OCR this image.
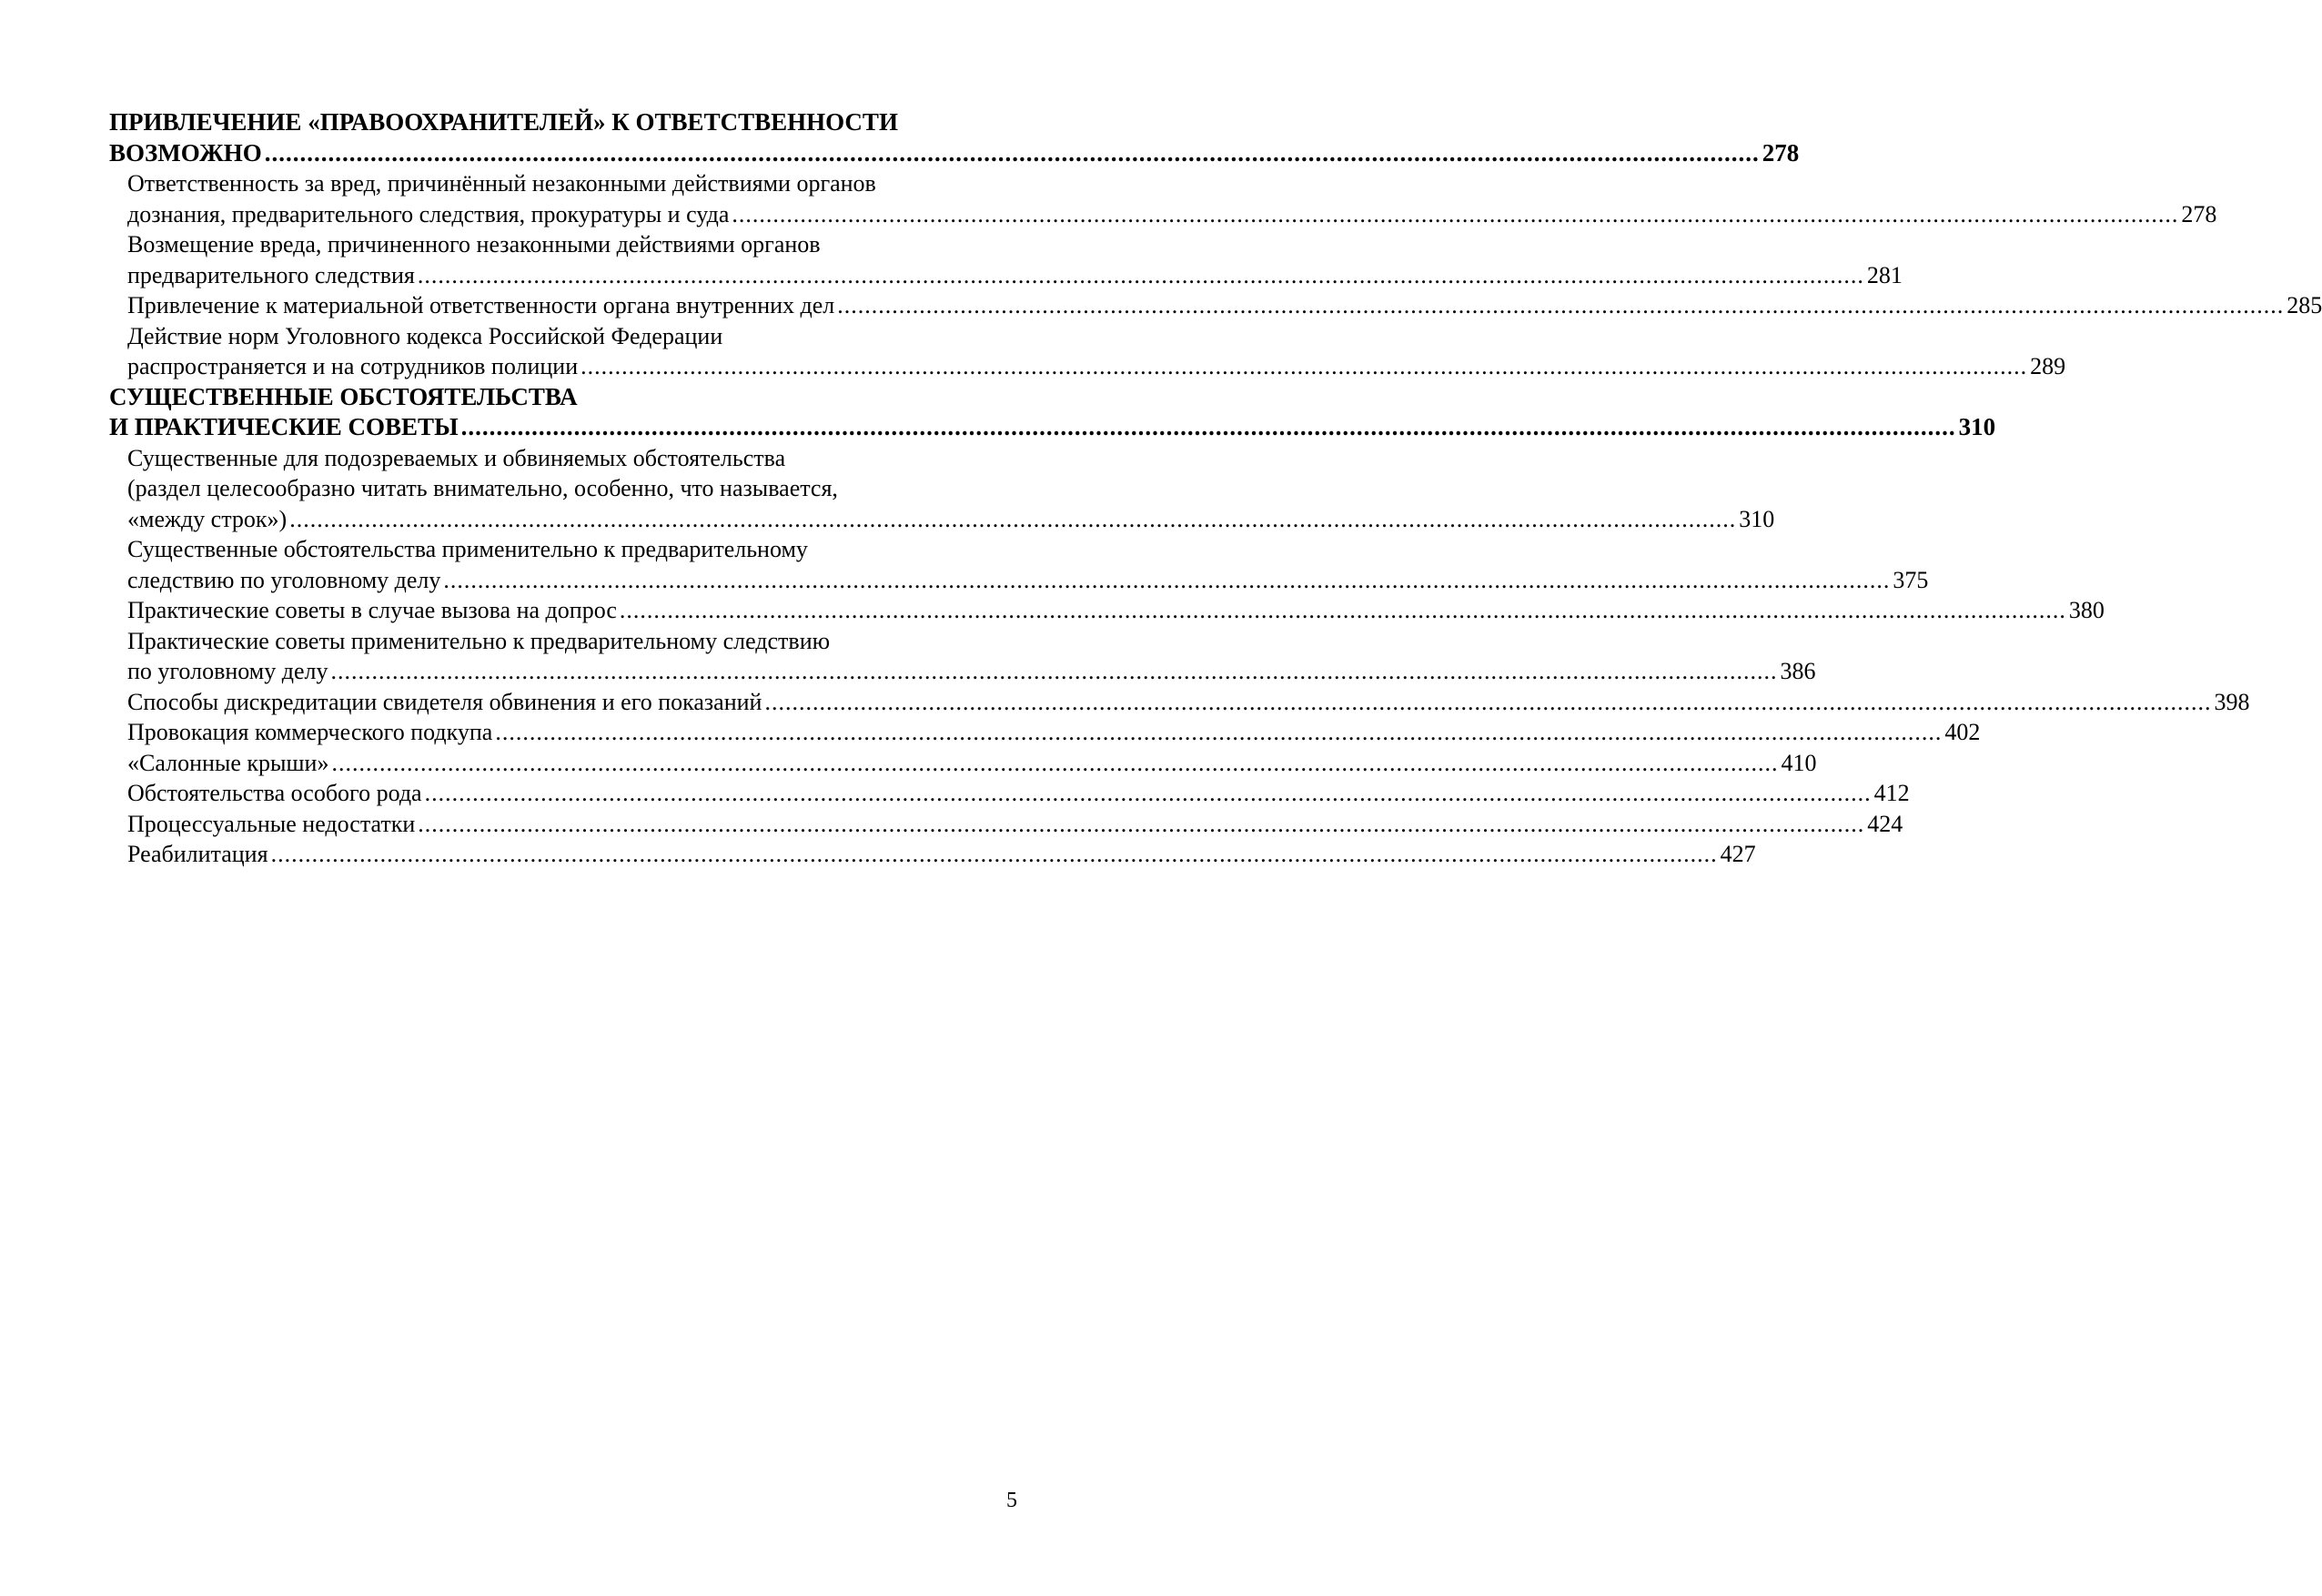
ПРИВЛЕЧЕНИЕ «ПРАВООХРАНИТЕЛЕЙ» К ОТВЕТСТВЕННОСТИ
ВОЗМОЖНО .................................................................................................................................................................................................................... 278
Ответственность за вред, причинённый незаконными действиями органов
дознания, предварительного следствия, прокуратуры и суда .................................................................................................................................................................................................................... 278
Возмещение вреда, причиненного незаконными действиями органов
предварительного следствия .................................................................................................................................................................................................................... 281
Привлечение к материальной ответственности органа внутренних дел .................................................................................................................................................................................................................... 285
Действие норм Уголовного кодекса Российской Федерации
распространяется и на сотрудников полиции .................................................................................................................................................................................................................... 289
СУЩЕСТВЕННЫЕ ОБСТОЯТЕЛЬСТВА
И ПРАКТИЧЕСКИЕ СОВЕТЫ .................................................................................................................................................................................................................... 310
Существенные для подозреваемых и обвиняемых обстоятельства
(раздел целесообразно читать внимательно, особенно, что называется,
«между строк») .................................................................................................................................................................................................................... 310
Существенные обстоятельства применительно к предварительному
следствию по уголовному делу .................................................................................................................................................................................................................... 375
Практические советы в случае вызова на допрос .................................................................................................................................................................................................................... 380
Практические советы применительно к предварительному следствию
по уголовному делу .................................................................................................................................................................................................................... 386
Способы дискредитации свидетеля обвинения и его показаний .................................................................................................................................................................................................................... 398
Провокация коммерческого подкупа .................................................................................................................................................................................................................... 402
«Салонные крыши» .................................................................................................................................................................................................................... 410
Обстоятельства особого рода .................................................................................................................................................................................................................... 412
Процессуальные недостатки .................................................................................................................................................................................................................... 424
Реабилитация .................................................................................................................................................................................................................... 427
5
